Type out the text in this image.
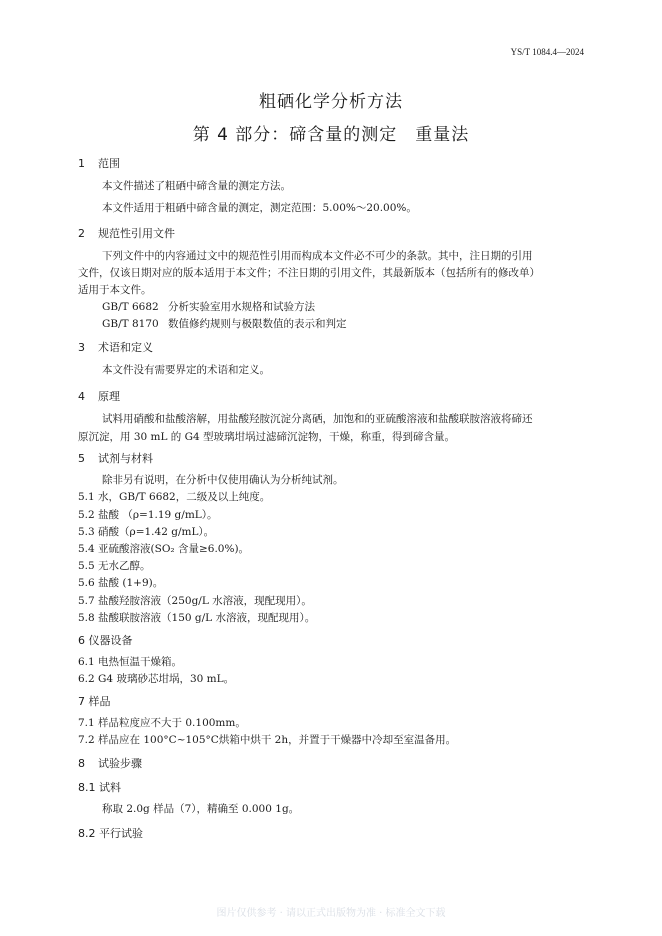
YS/T 1084.4—2024
粗硒化学分析方法
第 4 部分：碲含量的测定　重量法
1 范围
本文件描述了粗硒中碲含量的测定方法。
本文件适用于粗硒中碲含量的测定，测定范围：5.00%～20.00%。
2 规范性引用文件
下列文件中的内容通过文中的规范性引用而构成本文件必不可少的条款。其中，注日期的引用
文件，仅该日期对应的版本适用于本文件；不注日期的引用文件，其最新版本（包括所有的修改单）
适用于本文件。
GB/T 6682 分析实验室用水规格和试验方法
GB/T 8170 数值修约规则与极限数值的表示和判定
3 术语和定义
本文件没有需要界定的术语和定义。
4 原理
试料用硝酸和盐酸溶解，用盐酸羟胺沉淀分离硒，加饱和的亚硫酸溶液和盐酸联胺溶液将碲还
原沉淀，用 30 mL 的 G4 型玻璃坩埚过滤碲沉淀物，干燥，称重，得到碲含量。
5 试剂与材料
除非另有说明，在分析中仅使用确认为分析纯试剂。
5.1 水，GB/T 6682，二级及以上纯度。
5.2 盐酸 （ρ=1.19 g/mL）。
5.3 硝酸（ρ=1.42 g/mL）。
5.4 亚硫酸溶液(SO₂ 含量≥6.0%)。
5.5 无水乙醇。
5.6 盐酸 (1+9)。
5.7 盐酸羟胺溶液（250g/L 水溶液，现配现用）。
5.8 盐酸联胺溶液（150 g/L 水溶液，现配现用）。
6 仪器设备
6.1 电热恒温干燥箱。
6.2 G4 玻璃砂芯坩埚，30 mL。
7 样品
7.1 样品粒度应不大于 0.100mm。
7.2 样品应在 100°C~105°C烘箱中烘干 2h，并置于干燥器中冷却至室温备用。
8 试验步骤
8.1 试料
称取 2.0g 样品（7），精确至 0.000 1g。
8.2 平行试验
图片仅供参考 · 请以正式出版物为准 · 标准全文下载
